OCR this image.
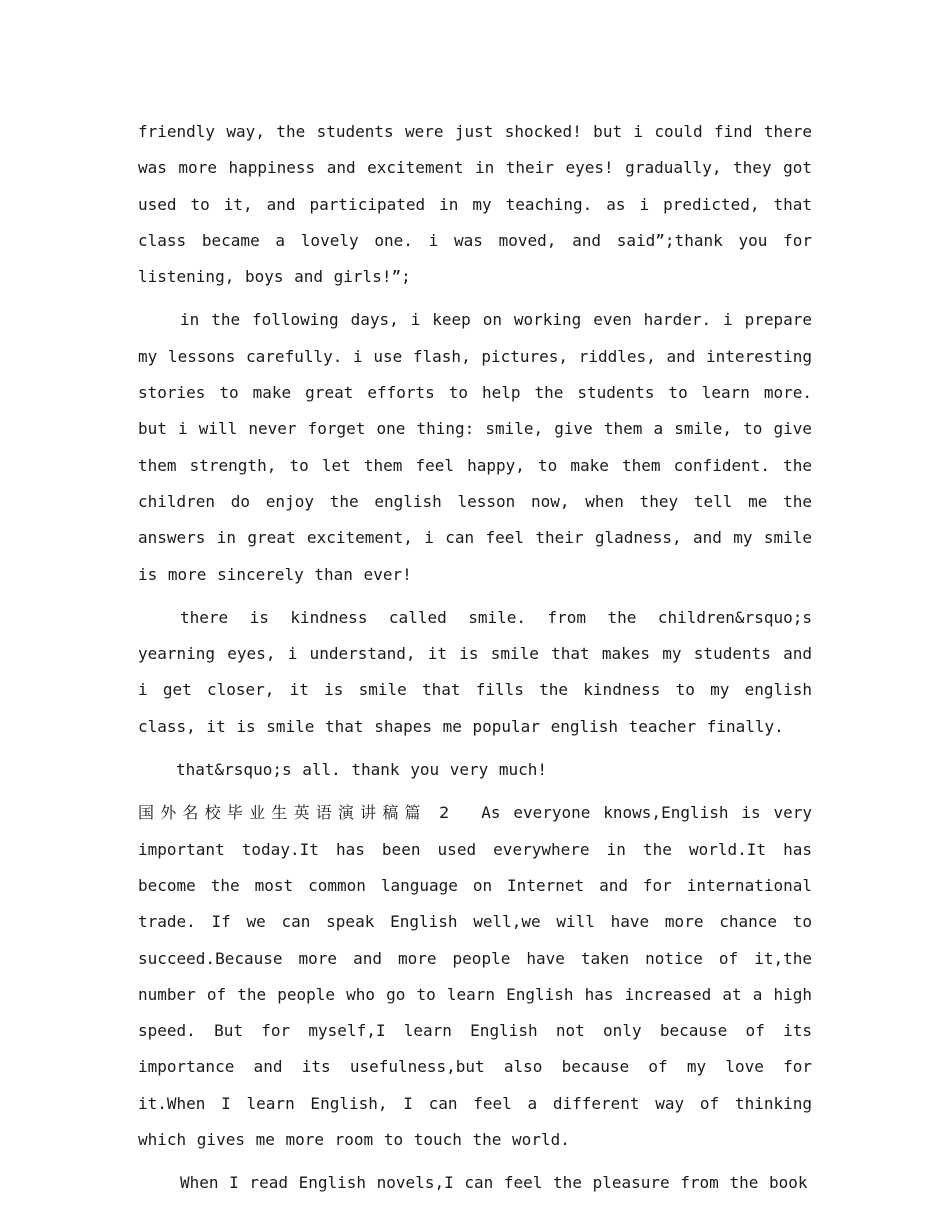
friendly way, the students were just shocked! but i could find there was more happiness and excitement in their eyes! gradually, they got used to it, and participated in my teaching. as i predicted, that class became a lovely one. i was moved, and said”;thank you for listening, boys and girls!”;

in the following days, i keep on working even harder. i prepare my lessons carefully. i use flash, pictures, riddles, and interesting stories to make great efforts to help the students to learn more. but i will never forget one thing: smile, give them a smile, to give them strength, to let them feel happy, to make them confident. the children do enjoy the english lesson now, when they tell me the answers in great excitement, i can feel their gladness, and my smile is more sincerely than ever!

there is kindness called smile. from the children&rsquo;s yearning eyes, i understand, it is smile that makes my students and i get closer, it is smile that fills the kindness to my english class, it is smile that shapes me popular english teacher finally.

that&rsquo;s all. thank you very much!

国外名校毕业生英语演讲稿篇 2 As everyone knows,English is very important today.It has been used everywhere in the world.It has become the most common language on Internet and for international trade. If we can speak English well,we will have more chance to succeed.Because more and more people have taken notice of it,the number of the people who go to learn English has increased at a high speed. But for myself,I learn English not only because of its importance and its usefulness,but also because of my love for it.When I learn English, I can feel a different way of thinking which gives me more room to touch the world.

When I read English novels,I can feel the pleasure from the book
